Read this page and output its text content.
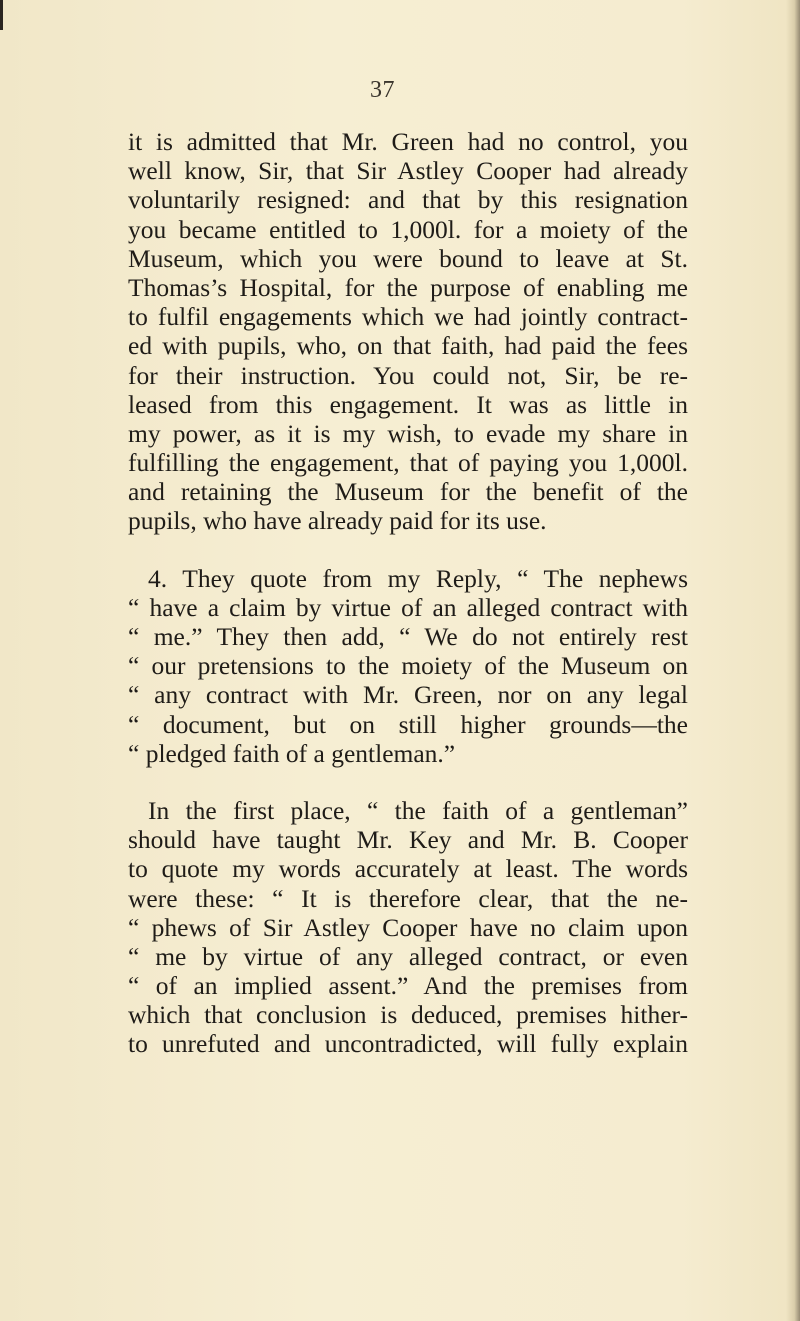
37
it is admitted that Mr. Green had no control, you
well know, Sir, that Sir Astley Cooper had already
voluntarily resigned: and that by this resignation
you became entitled to 1,000l. for a moiety of the
Museum, which you were bound to leave at St.
Thomas’s Hospital, for the purpose of enabling me
to fulfil engagements which we had jointly contract-
ed with pupils, who, on that faith, had paid the fees
for their instruction. You could not, Sir, be re-
leased from this engagement. It was as little in
my power, as it is my wish, to evade my share in
fulfilling the engagement, that of paying you 1,000l.
and retaining the Museum for the benefit of the
pupils, who have already paid for its use.
4. They quote from my Reply, “ The nephews
“ have a claim by virtue of an alleged contract with
“ me.” They then add, “ We do not entirely rest
“ our pretensions to the moiety of the Museum on
“ any contract with Mr. Green, nor on any legal
“ document, but on still higher grounds—the
“ pledged faith of a gentleman.”
In the first place, “ the faith of a gentleman”
should have taught Mr. Key and Mr. B. Cooper
to quote my words accurately at least. The words
were these: “ It is therefore clear, that the ne-
“ phews of Sir Astley Cooper have no claim upon
“ me by virtue of any alleged contract, or even
“ of an implied assent.” And the premises from
which that conclusion is deduced, premises hither-
to unrefuted and uncontradicted, will fully explain
